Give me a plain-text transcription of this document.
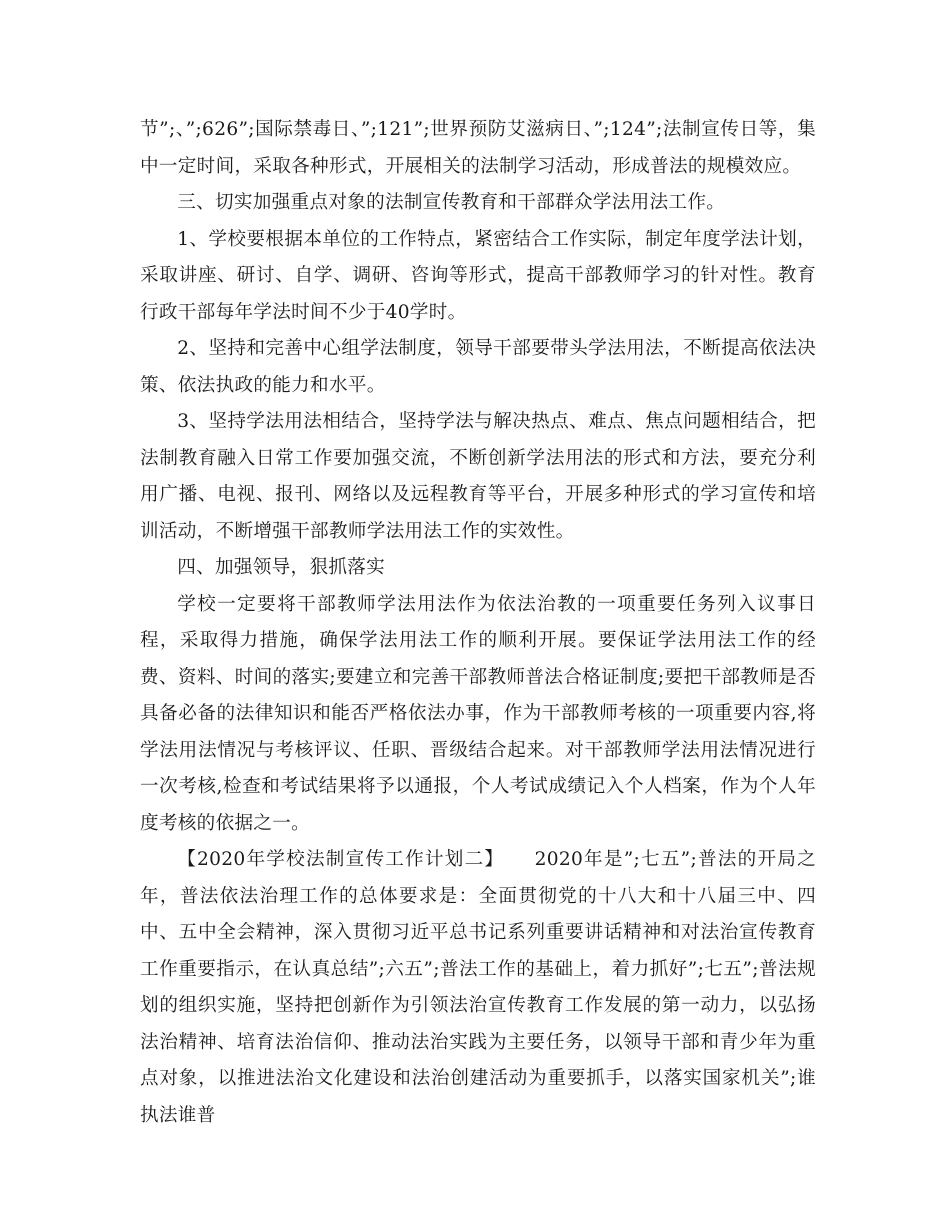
节”;、”;626”;国际禁毒日、”;121”;世界预防艾滋病日、”;124”;法制宣传日等，集中一定时间，采取各种形式，开展相关的法制学习活动，形成普法的规模效应。

三、切实加强重点对象的法制宣传教育和干部群众学法用法工作。

1、学校要根据本单位的工作特点，紧密结合工作实际，制定年度学法计划，采取讲座、研讨、自学、调研、咨询等形式，提高干部教师学习的针对性。教育行政干部每年学法时间不少于40学时。

2、坚持和完善中心组学法制度，领导干部要带头学法用法，不断提高依法决策、依法执政的能力和水平。

3、坚持学法用法相结合，坚持学法与解决热点、难点、焦点问题相结合，把法制教育融入日常工作要加强交流，不断创新学法用法的形式和方法，要充分利用广播、电视、报刊、网络以及远程教育等平台，开展多种形式的学习宣传和培训活动，不断增强干部教师学法用法工作的实效性。

四、加强领导，狠抓落实

学校一定要将干部教师学法用法作为依法治教的一项重要任务列入议事日程，采取得力措施，确保学法用法工作的顺利开展。要保证学法用法工作的经费、资料、时间的落实;要建立和完善干部教师普法合格证制度;要把干部教师是否具备必备的法律知识和能否严格依法办事，作为干部教师考核的一项重要内容,将学法用法情况与考核评议、任职、晋级结合起来。对干部教师学法用法情况进行一次考核,检查和考试结果将予以通报，个人考试成绩记入个人档案，作为个人年度考核的依据之一。

【2020年学校法制宣传工作计划二】　　2020年是”;七五”;普法的开局之年，普法依法治理工作的总体要求是：全面贯彻党的十八大和十八届三中、四中、五中全会精神，深入贯彻习近平总书记系列重要讲话精神和对法治宣传教育工作重要指示，在认真总结”;六五”;普法工作的基础上，着力抓好”;七五”;普法规划的组织实施，坚持把创新作为引领法治宣传教育工作发展的第一动力，以弘扬法治精神、培育法治信仰、推动法治实践为主要任务，以领导干部和青少年为重点对象，以推进法治文化建设和法治创建活动为重要抓手，以落实国家机关”;谁执法谁普
